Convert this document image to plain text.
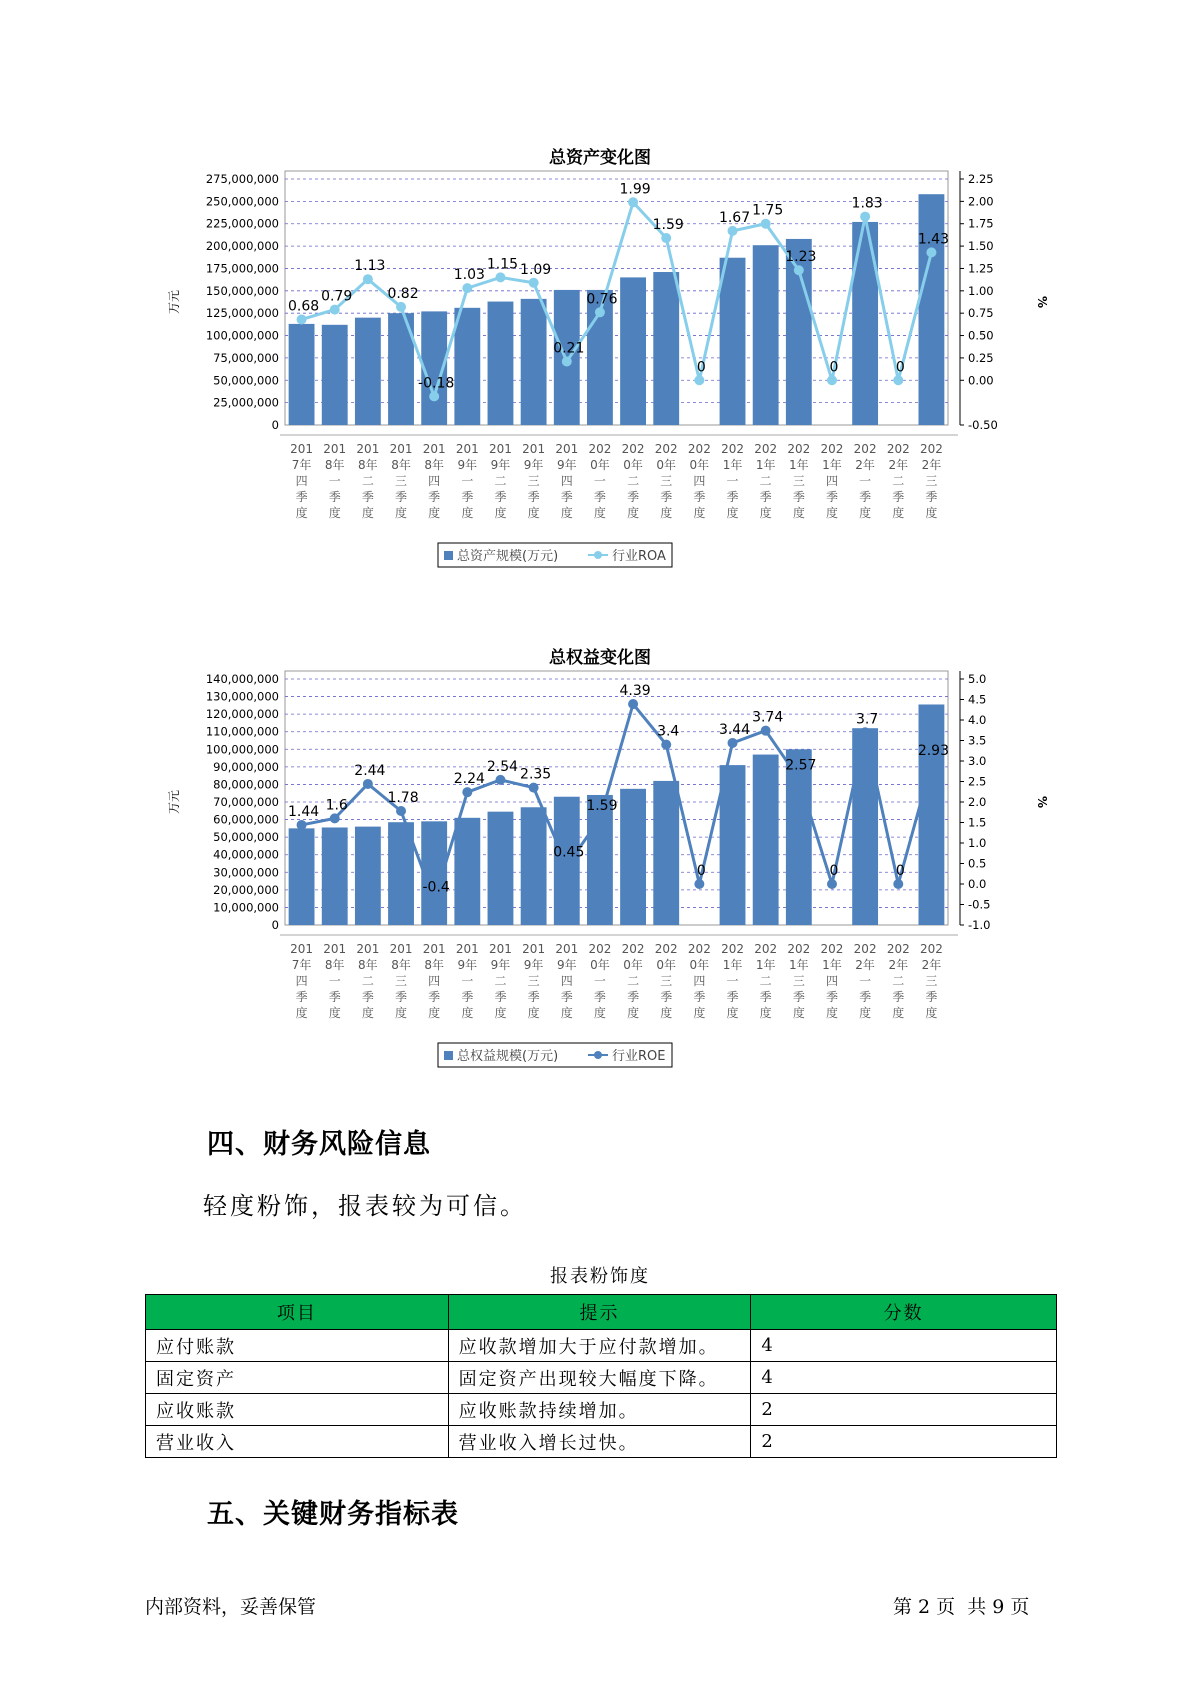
总资产变化图
0
25,000,000
50,000,000
75,000,000
100,000,000
125,000,000
150,000,000
175,000,000
200,000,000
225,000,000
250,000,000
275,000,000
-0.50
0.00
0.25
0.50
0.75
1.00
1.25
1.50
1.75
2.00
2.25
万元	%
0.68
0.79
1.13
0.82
-0.18
1.03
1.15 1.09
0.21
0.76
1.99
1.59
0
1.67 1.75
1.23
0
1.83
0
1.43
201 7年四季度
201 8年一季度
201 8年二季度
201 8年三季度
201 8年四季度
201 9年一季度
201 9年二季度
201 9年三季度
201 9年四季度
202 0年一季度
202 0年二季度
202 0年三季度
202 0年四季度
202 1年一季度
202 1年二季度
202 1年三季度
202 1年四季度
202 2年一季度
202 2年二季度
202 2年三季度
总资产规模(万元)	行业ROA
总权益变化图
0
10,000,000
20,000,000
30,000,000
40,000,000
50,000,000
60,000,000
70,000,000
80,000,000
90,000,000
100,000,000
110,000,000
120,000,000
130,000,000
140,000,000
-1.0
-0.5
0.0
0.5
1.0
1.5
2.0
2.5
3.0
3.5
4.0
4.5
5.0
万元	%
1.44 1.6
2.44
1.78
-0.4
2.24
2.54 2.35
0.45
1.59
4.39
3.4
0
3.44
3.74
2.57
0
3.7
0
2.93
201 7年四季度
201 8年一季度
201 8年二季度
201 8年三季度
201 8年四季度
201 9年一季度
201 9年二季度
201 9年三季度
201 9年四季度
202 0年一季度
202 0年二季度
202 0年三季度
202 0年四季度
202 1年一季度
202 1年二季度
202 1年三季度
202 1年四季度
202 2年一季度
202 2年二季度
202 2年三季度
总权益规模(万元)	行业ROE
四、财务风险信息
轻度粉饰，报表较为可信。
报表粉饰度
项目	提示	分数
应付账款	应收款增加大于应付款增加。	4
固定资产	固定资产出现较大幅度下降。	4
应收账款	应收账款持续增加。	2
营业收入	营业收入增长过快。	2
五、关键财务指标表
内部资料，妥善保管	第 2 页  共 9 页
